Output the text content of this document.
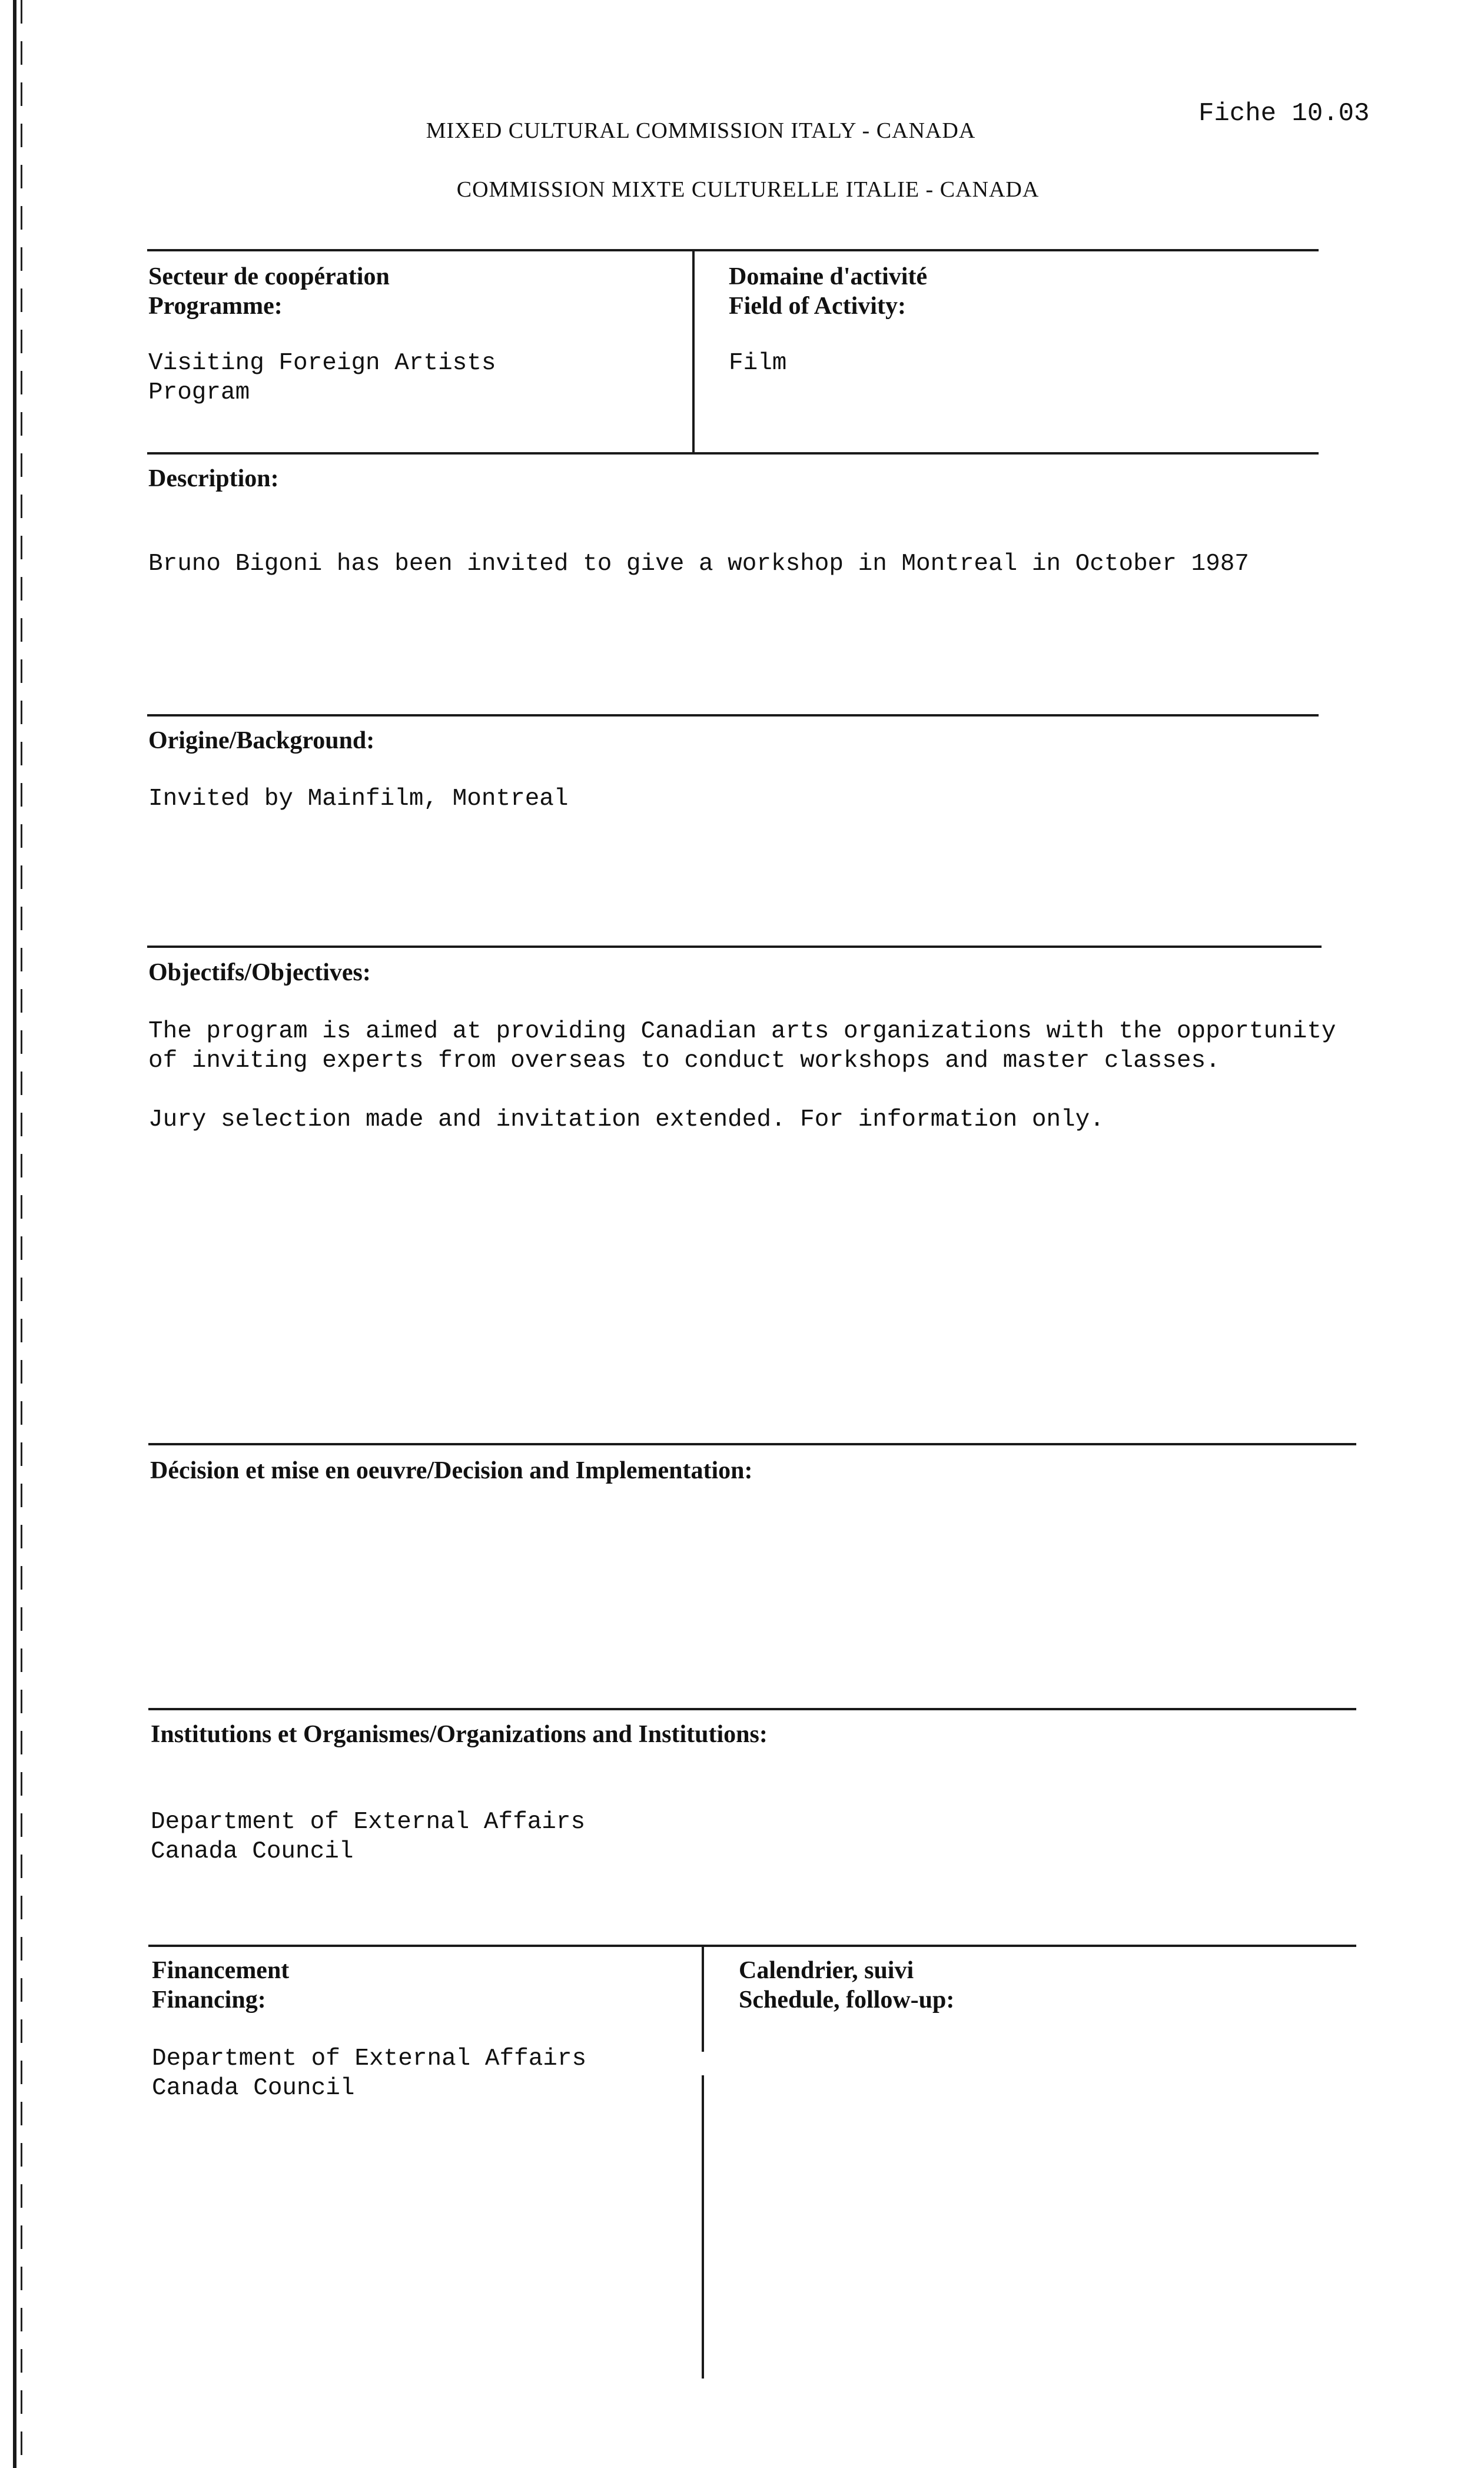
Fiche 10.03
MIXED CULTURAL COMMISSION ITALY - CANADA
COMMISSION MIXTE CULTURELLE ITALIE - CANADA
Secteur de coopération
Programme:
Visiting Foreign Artists
Program
Domaine d'activité
Field of Activity:
Film
Description:
Bruno Bigoni has been invited to give a workshop in Montreal in October 1987
Origine/Background:
Invited by Mainfilm, Montreal
Objectifs/Objectives:
The program is aimed at providing Canadian arts organizations with the opportunity
of inviting experts from overseas to conduct workshops and master classes.
Jury selection made and invitation extended. For information only.
Décision et mise en oeuvre/Decision and Implementation:
Institutions et Organismes/Organizations and Institutions:
Department of External Affairs
Canada Council
Financement
Financing:
Department of External Affairs
Canada Council
Calendrier, suivi
Schedule, follow-up:
